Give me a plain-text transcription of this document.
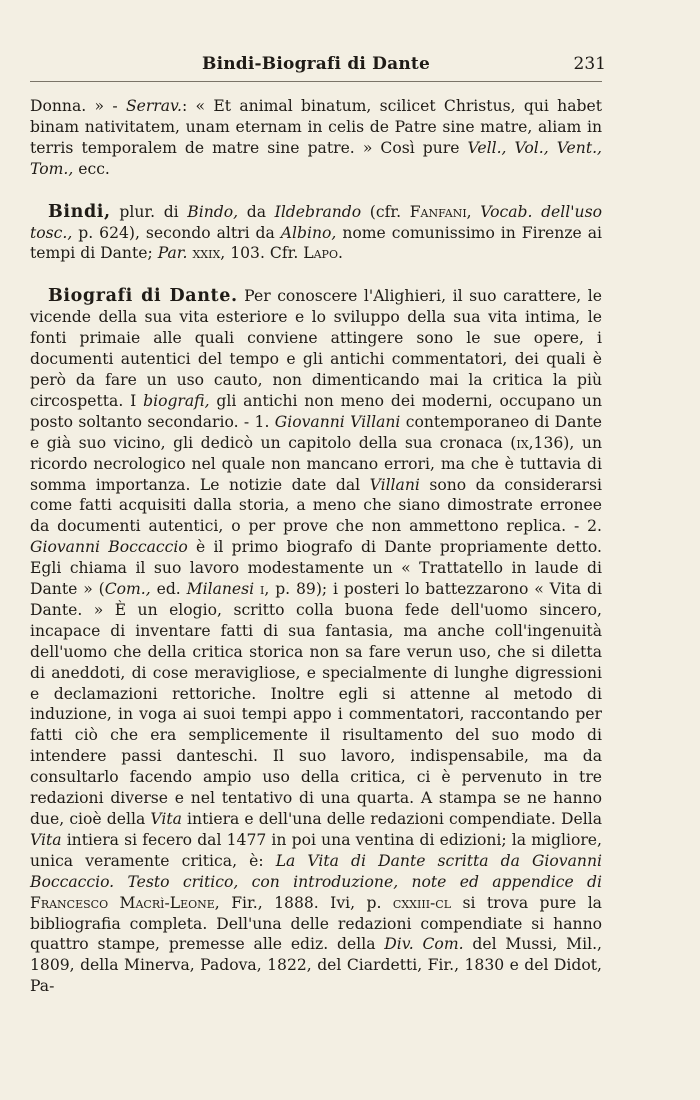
Bindi-Biografi di Dante	231

Donna. » - Serrav.: « Et animal binatum, scilicet Christus, qui habet binam nativitatem, unam eternam in celis de Patre sine matre, aliam in terris temporalem de matre sine patre. » Così pure Vell., Vol., Vent., Tom., ecc.

Bindi, plur. di Bindo, da Ildebrando (cfr. Fanfani, Vocab. dell'uso tosc., p. 624), secondo altri da Albino, nome comunissimo in Firenze ai tempi di Dante; Par. xxix, 103. Cfr. Lapo.

Biografi di Dante. Per conoscere l'Alighieri, il suo carattere, le vicende della sua vita esteriore e lo sviluppo della sua vita intima, le fonti primaie alle quali conviene attingere sono le sue opere, i documenti autentici del tempo e gli antichi commentatori, dei quali è però da fare un uso cauto, non dimenticando mai la critica la più circospetta. I biografi, gli antichi non meno dei moderni, occupano un posto soltanto secondario. - 1. Giovanni Villani contemporaneo di Dante e già suo vicino, gli dedicò un capitolo della sua cronaca (ix,136), un ricordo necrologico nel quale non mancano errori, ma che è tuttavia di somma importanza. Le notizie date dal Villani sono da considerarsi come fatti acquisiti dalla storia, a meno che siano dimostrate erronee da documenti autentici, o per prove che non ammettono replica. - 2. Giovanni Boccaccio è il primo biografo di Dante propriamente detto. Egli chiama il suo lavoro modestamente un « Trattatello in laude di Dante » (Com., ed. Milanesi i, p. 89); i posteri lo battezzarono « Vita di Dante. » È un elogio, scritto colla buona fede dell'uomo sincero, incapace di inventare fatti di sua fantasia, ma anche coll'ingenuità dell'uomo che della critica storica non sa fare verun uso, che si diletta di aneddoti, di cose meravigliose, e specialmente di lunghe digressioni e declamazioni rettoriche. Inoltre egli si attenne al metodo di induzione, in voga ai suoi tempi appo i commentatori, raccontando per fatti ciò che era semplicemente il risultamento del suo modo di intendere passi danteschi. Il suo lavoro, indispensabile, ma da consultarlo facendo ampio uso della critica, ci è pervenuto in tre redazioni diverse e nel tentativo di una quarta. A stampa se ne hanno due, cioè della Vita intiera e dell'una delle redazioni compendiate. Della Vita intiera si fecero dal 1477 in poi una ventina di edizioni; la migliore, unica veramente critica, è: La Vita di Dante scritta da Giovanni Boccaccio. Testo critico, con introduzione, note ed appendice di Francesco Macrì-Leone, Fir., 1888. Ivi, p. cxxiii-cl si trova pure la bibliografia completa. Dell'una delle redazioni compendiate si hanno quattro stampe, premesse alle ediz. della Div. Com. del Mussi, Mil., 1809, della Minerva, Padova, 1822, del Ciardetti, Fir., 1830 e del Didot, Pa-
